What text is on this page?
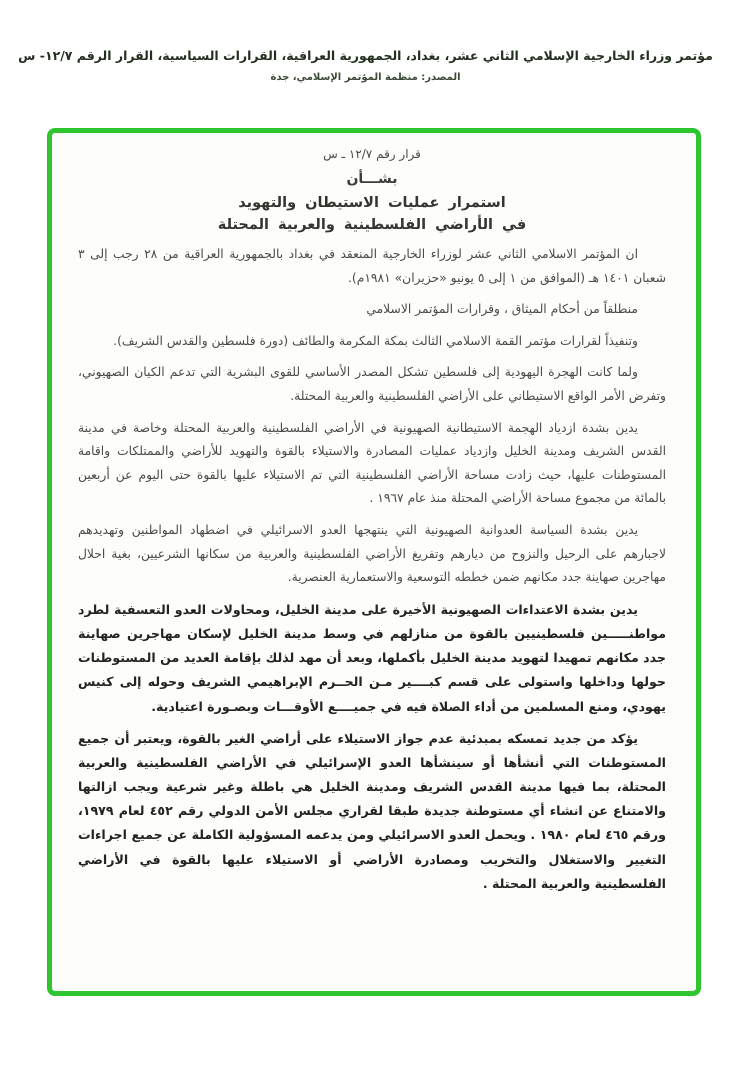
مؤتمر وزراء الخارجية الإسلامي الثاني عشر، بغداد، الجمهورية العراقية، القرارات السياسية، القرار الرقم ١٢/٧- س
المصدر: منظمة المؤتمر الإسلامي، جدة
قرار رقم ١٢/٧ ـ س
بشـــأن
استمرار عمليات الاستيطان والتهويد
في الأراضي الفلسطينية والعربية المحتلة

ان المؤتمر الاسلامي الثاني عشر لوزراء الخارجية المنعقد في بغداد بالجمهورية العراقية من ٢٨ رجب إلى ٣ شعبان ١٤٠١ هـ (الموافق من ١ إلى ٥ يونيو «حزيران» ١٩٨١م).

منطلقاً من أحكام الميثاق ، وقرارات المؤتمر الاسلامي

وتنفيذاً لقرارات مؤتمر القمة الاسلامي الثالث بمكة المكرمة والطائف (دورة فلسطين والقدس الشريف).

ولما كانت الهجرة اليهودية إلى فلسطين تشكل المصدر الأساسي للقوى البشرية التي تدعم الكيان الصهيوني، وتفرض الأمر الواقع الاستيطاني على الأراضي الفلسطينية والعربية المحتلة.

يدين بشدة ازدياد الهجمة الاستيطانية الصهيونية في الأراضي الفلسطينية والعربية المحتلة وخاصة في مدينة القدس الشريف ومدينة الخليل وازدياد عمليات المصادرة والاستيلاء بالقوة والتهويد للأراضي والممتلكات واقامة المستوطنات عليها، حيث زادت مساحة الأراضي الفلسطينية التي تم الاستيلاء عليها بالقوة حتى اليوم عن أربعين بالمائة من مجموع مساحة الأراضي المحتلة منذ عام ١٩٦٧ .

يدين بشدة السياسة العدوانية الصهيونية التي ينتهجها العدو الاسرائيلي في اضطهاد المواطنين وتهديدهم لاجبارهم على الرحيل والنزوح من ديارهم وتفريغ الأراضي الفلسطينية والعربية من سكانها الشرعيين، بغية احلال مهاجرين صهاينة جدد مكانهم ضمن خططه التوسعية والاستعمارية العنصرية.

يدين بشدة الاعتداءات الصهيونية الأخيرة على مدينة الخليل، ومحاولات العدو التعسفية لطرد مواطنـــــين فلسطينيين بالقوة من منازلهم في وسط مدينة الخليل لإسكان مهاجرين صهاينة جدد مكانهم تمهيدا لتهويد مدينة الخليل بأكملها، وبعد أن مهد لذلك بإقامة العديد من المستوطنات حولها وداخلها واستولى على قسم كبــــير مـن الحــرم الإبراهيمي الشريف وحوله إلى كنيس يهودي، ومنع المسلمين من أداء الصلاة فيه في جميــــع الأوقـــات وبصـورة اعتيادية.

يؤكد من جديد تمسكه بمبدئية عدم جواز الاستيلاء على أراضي الغير بالقوة، ويعتبر أن جميع المستوطنات التي أنشأها أو سينشأها العدو الإسرائيلي في الأراضي الفلسطينية والعربية المحتلة، بما فيها مدينة القدس الشريف ومدينة الخليل هي باطلة وغير شرعية ويجب ازالتها والامتناع عن انشاء أي مستوطنة جديدة طبقا لقراري مجلس الأمن الدولي رقم ٤٥٢ لعام ١٩٧٩، ورقم ٤٦٥ لعام ١٩٨٠ . ويحمل العدو الاسرائيلي ومن يدعمه المسؤولية الكاملة عن جميع اجراءات التغيير والاستغلال والتخريب ومصادرة الأراضي أو الاستيلاء عليها بالقوة في الأراضي الفلسطينية والعربية المحتلة .
